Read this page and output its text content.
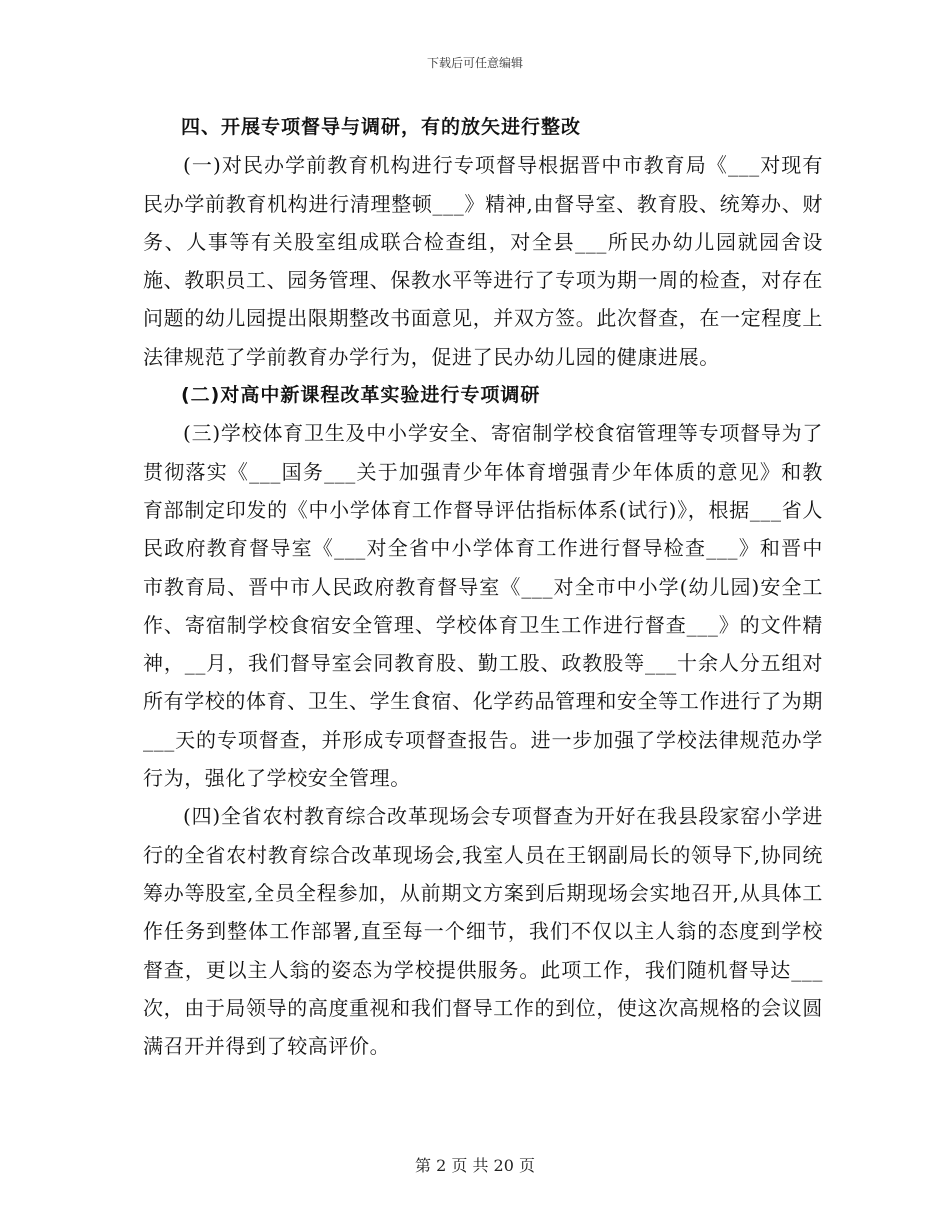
下载后可任意编辑

四、开展专项督导与调研，有的放矢进行整改

(一)对民办学前教育机构进行专项督导根据晋中市教育局《___对现有民办学前教育机构进行清理整顿___》精神,由督导室、教育股、统筹办、财务、人事等有关股室组成联合检查组，对全县___所民办幼儿园就园舍设施、教职员工、园务管理、保教水平等进行了专项为期一周的检查，对存在问题的幼儿园提出限期整改书面意见，并双方签。此次督查，在一定程度上法律规范了学前教育办学行为，促进了民办幼儿园的健康进展。

(二)对高中新课程改革实验进行专项调研

(三)学校体育卫生及中小学安全、寄宿制学校食宿管理等专项督导为了贯彻落实《___国务___关于加强青少年体育增强青少年体质的意见》和教育部制定印发的《中小学体育工作督导评估指标体系(试行)》，根据___省人民政府教育督导室《___对全省中小学体育工作进行督导检查___》和晋中市教育局、晋中市人民政府教育督导室《___对全市中小学(幼儿园)安全工作、寄宿制学校食宿安全管理、学校体育卫生工作进行督查___》的文件精神，__月，我们督导室会同教育股、勤工股、政教股等___十余人分五组对所有学校的体育、卫生、学生食宿、化学药品管理和安全等工作进行了为期___天的专项督查，并形成专项督查报告。进一步加强了学校法律规范办学行为，强化了学校安全管理。

(四)全省农村教育综合改革现场会专项督查为开好在我县段家窑小学进行的全省农村教育综合改革现场会,我室人员在王钢副局长的领导下,协同统筹办等股室,全员全程参加，从前期文方案到后期现场会实地召开,从具体工作任务到整体工作部署,直至每一个细节，我们不仅以主人翁的态度到学校督查，更以主人翁的姿态为学校提供服务。此项工作，我们随机督导达___次，由于局领导的高度重视和我们督导工作的到位，使这次高规格的会议圆满召开并得到了较高评价。

第 2 页 共 20 页
